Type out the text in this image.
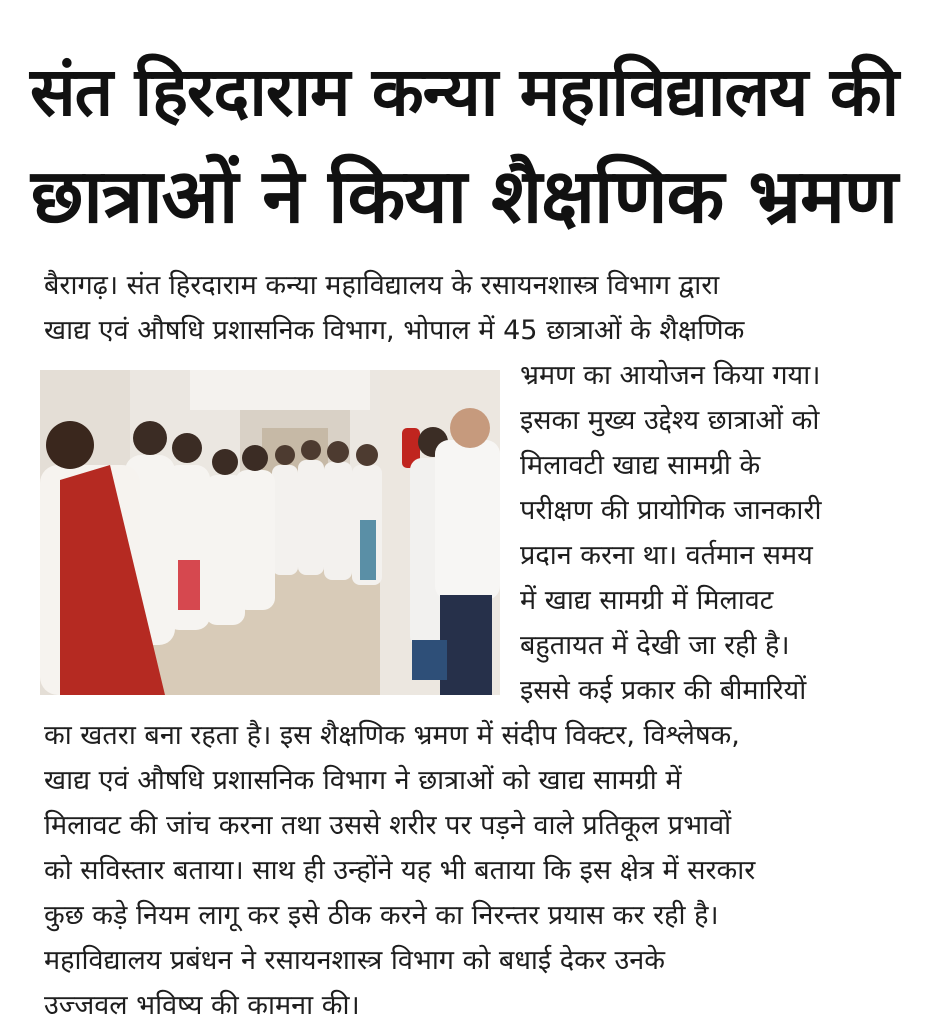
संत हिरदाराम कन्या महाविद्यालय की
छात्राओं ने किया शैक्षणिक भ्रमण
बैरागढ़। संत हिरदाराम कन्या महाविद्यालय के रसायनशास्त्र विभाग द्वारा
खाद्य एवं औषधि प्रशासनिक विभाग, भोपाल में 45 छात्राओं के शैक्षणिक
भ्रमण का आयोजन किया गया।
इसका मुख्य उद्देश्य छात्राओं को
मिलावटी खाद्य सामग्री के
परीक्षण की प्रायोगिक जानकारी
प्रदान करना था। वर्तमान समय
में खाद्य सामग्री में मिलावट
बहुतायत में देखी जा रही है।
इससे कई प्रकार की बीमारियों
का खतरा बना रहता है। इस शैक्षणिक भ्रमण में संदीप विक्टर, विश्लेषक,
खाद्य एवं औषधि प्रशासनिक विभाग ने छात्राओं को खाद्य सामग्री में
मिलावट की जांच करना तथा उससे शरीर पर पड़ने वाले प्रतिकूल प्रभावों
को सविस्तार बताया। साथ ही उन्होंने यह भी बताया कि इस क्षेत्र में सरकार
कुछ कड़े नियम लागू कर इसे ठीक करने का निरन्तर प्रयास कर रही है।
महाविद्यालय प्रबंधन ने रसायनशास्त्र विभाग को बधाई देकर उनके
उज्जवल भविष्य की कामना की।
